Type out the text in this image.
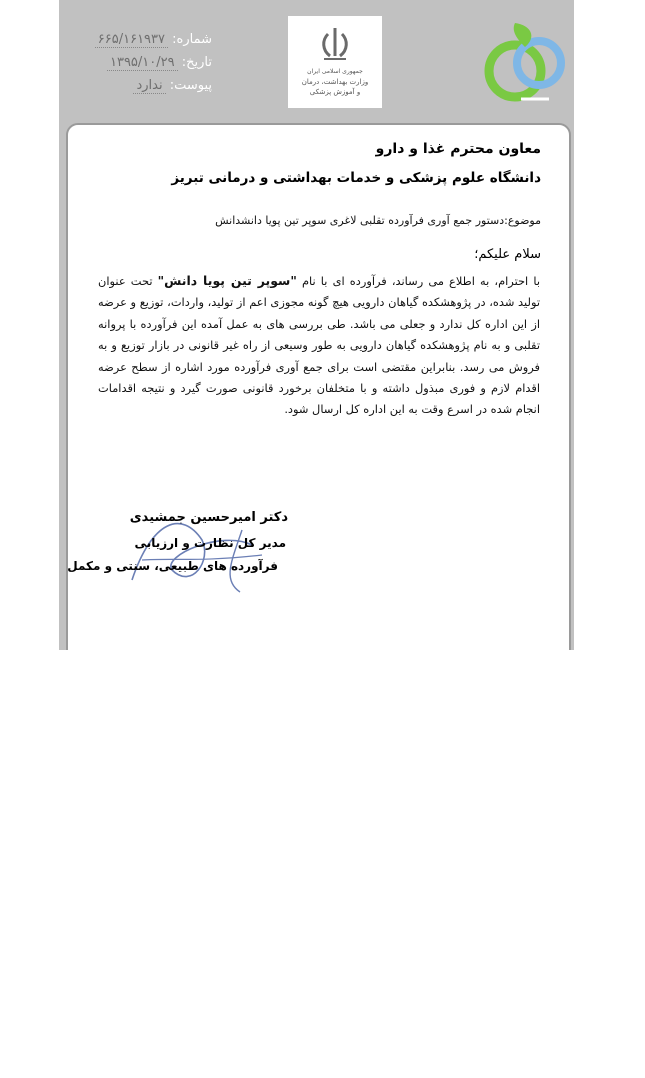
شماره: ۶۶۵/۱۶۱۹۳۷
تاریخ: ۱۳۹۵/۱۰/۲۹
پیوست: ندارد
جمهوری اسلامی ایران
وزارت بهداشت، درمان
و آموزش پزشکی
معاون محترم غذا و دارو
دانشگاه علوم پزشکی و خدمات بهداشتی و درمانی تبریز
موضوع:دستور جمع آوری فرآورده تقلبی لاغری سوپر تین پویا دانشدانش
سلام علیکم؛
با احترام، به اطلاع می رساند، فرآورده ای با نام "سوپر تین پویا دانش" تحت عنوان تولید شده، در پژوهشکده گیاهان دارویی هیچ گونه مجوزی اعم از تولید، واردات، توزیع و عرضه از این اداره کل ندارد و جعلی می باشد. طی بررسی های به عمل آمده این فرآورده با پروانه تقلبی و به نام پژوهشکده گیاهان دارویی به طور وسیعی از راه غیر قانونی در بازار توزیع و به فروش می رسد. بنابراین مقتضی است برای جمع آوری فرآورده مورد اشاره از سطح عرضه اقدام لازم و فوری مبذول داشته و با متخلفان برخورد قانونی صورت گیرد و نتیجه اقدامات انجام شده در اسرع وقت به این اداره کل ارسال شود.
دکتر امیرحسین جمشیدی
مدیر کل نظارت و ارزیابی
فرآورده های طبیعی، سنتی و مکمل
